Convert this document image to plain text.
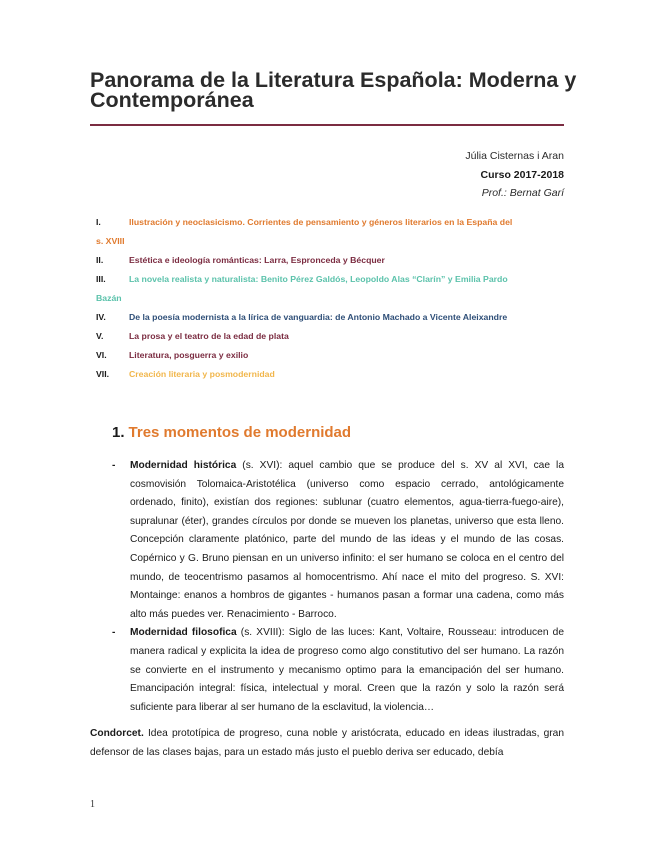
Panorama de la Literatura Española: Moderna y Contemporánea
Júlia Cisternas i Aran
Curso 2017-2018
Prof.: Bernat Garí
I.	Ilustración y neoclasicismo. Corrientes de pensamiento y géneros literarios en la España del
s. XVIII
II.	Estética e ideología románticas: Larra, Espronceda y Bécquer
III.	La novela realista y naturalista: Benito Pérez Galdós, Leopoldo Alas “Clarín” y Emilia Pardo
Bazán
IV.	De la poesía modernista a la lírica de vanguardia: de Antonio Machado a Vicente Aleixandre
V.	La prosa y el teatro de la edad de plata
VI.	Literatura, posguerra y exilio
VII. Creación literaria y posmodernidad
1. Tres momentos de modernidad
- Modernidad histórica (s. XVI): aquel cambio que se produce del s. XV al XVI, cae la cosmovisión Tolomaica-Aristotélica (universo como espacio cerrado, antológicamente ordenado, finito), existían dos regiones: sublunar (cuatro elementos, agua-tierra-fuego-aire), supralunar (éter), grandes círculos por donde se mueven los planetas, universo que esta lleno. Concepción claramente platónico, parte del mundo de las ideas y el mundo de las cosas. Copérnico y G. Bruno piensan en un universo infinito: el ser humano se coloca en el centro del mundo, de teocentrismo pasamos al homocentrismo. Ahí nace el mito del progreso. S. XVI: Montainge: enanos a hombros de gigantes - humanos pasan a formar una cadena, como más alto más puedes ver. Renacimiento - Barroco.
- Modernidad filosofica (s. XVIII): Siglo de las luces: Kant, Voltaire, Rousseau: introducen de manera radical y explicita la idea de progreso como algo constitutivo del ser humano. La razón se convierte en el instrumento y mecanismo optimo para la emancipación del ser humano. Emancipación integral: física, intelectual y moral. Creen que la razón y solo la razón será suficiente para liberar al ser humano de la esclavitud, la violencia…
Condorcet. Idea prototípica de progreso, cuna noble y aristócrata, educado en ideas ilustradas, gran defensor de las clases bajas, para un estado más justo el pueblo deriva ser educado, debía
1
